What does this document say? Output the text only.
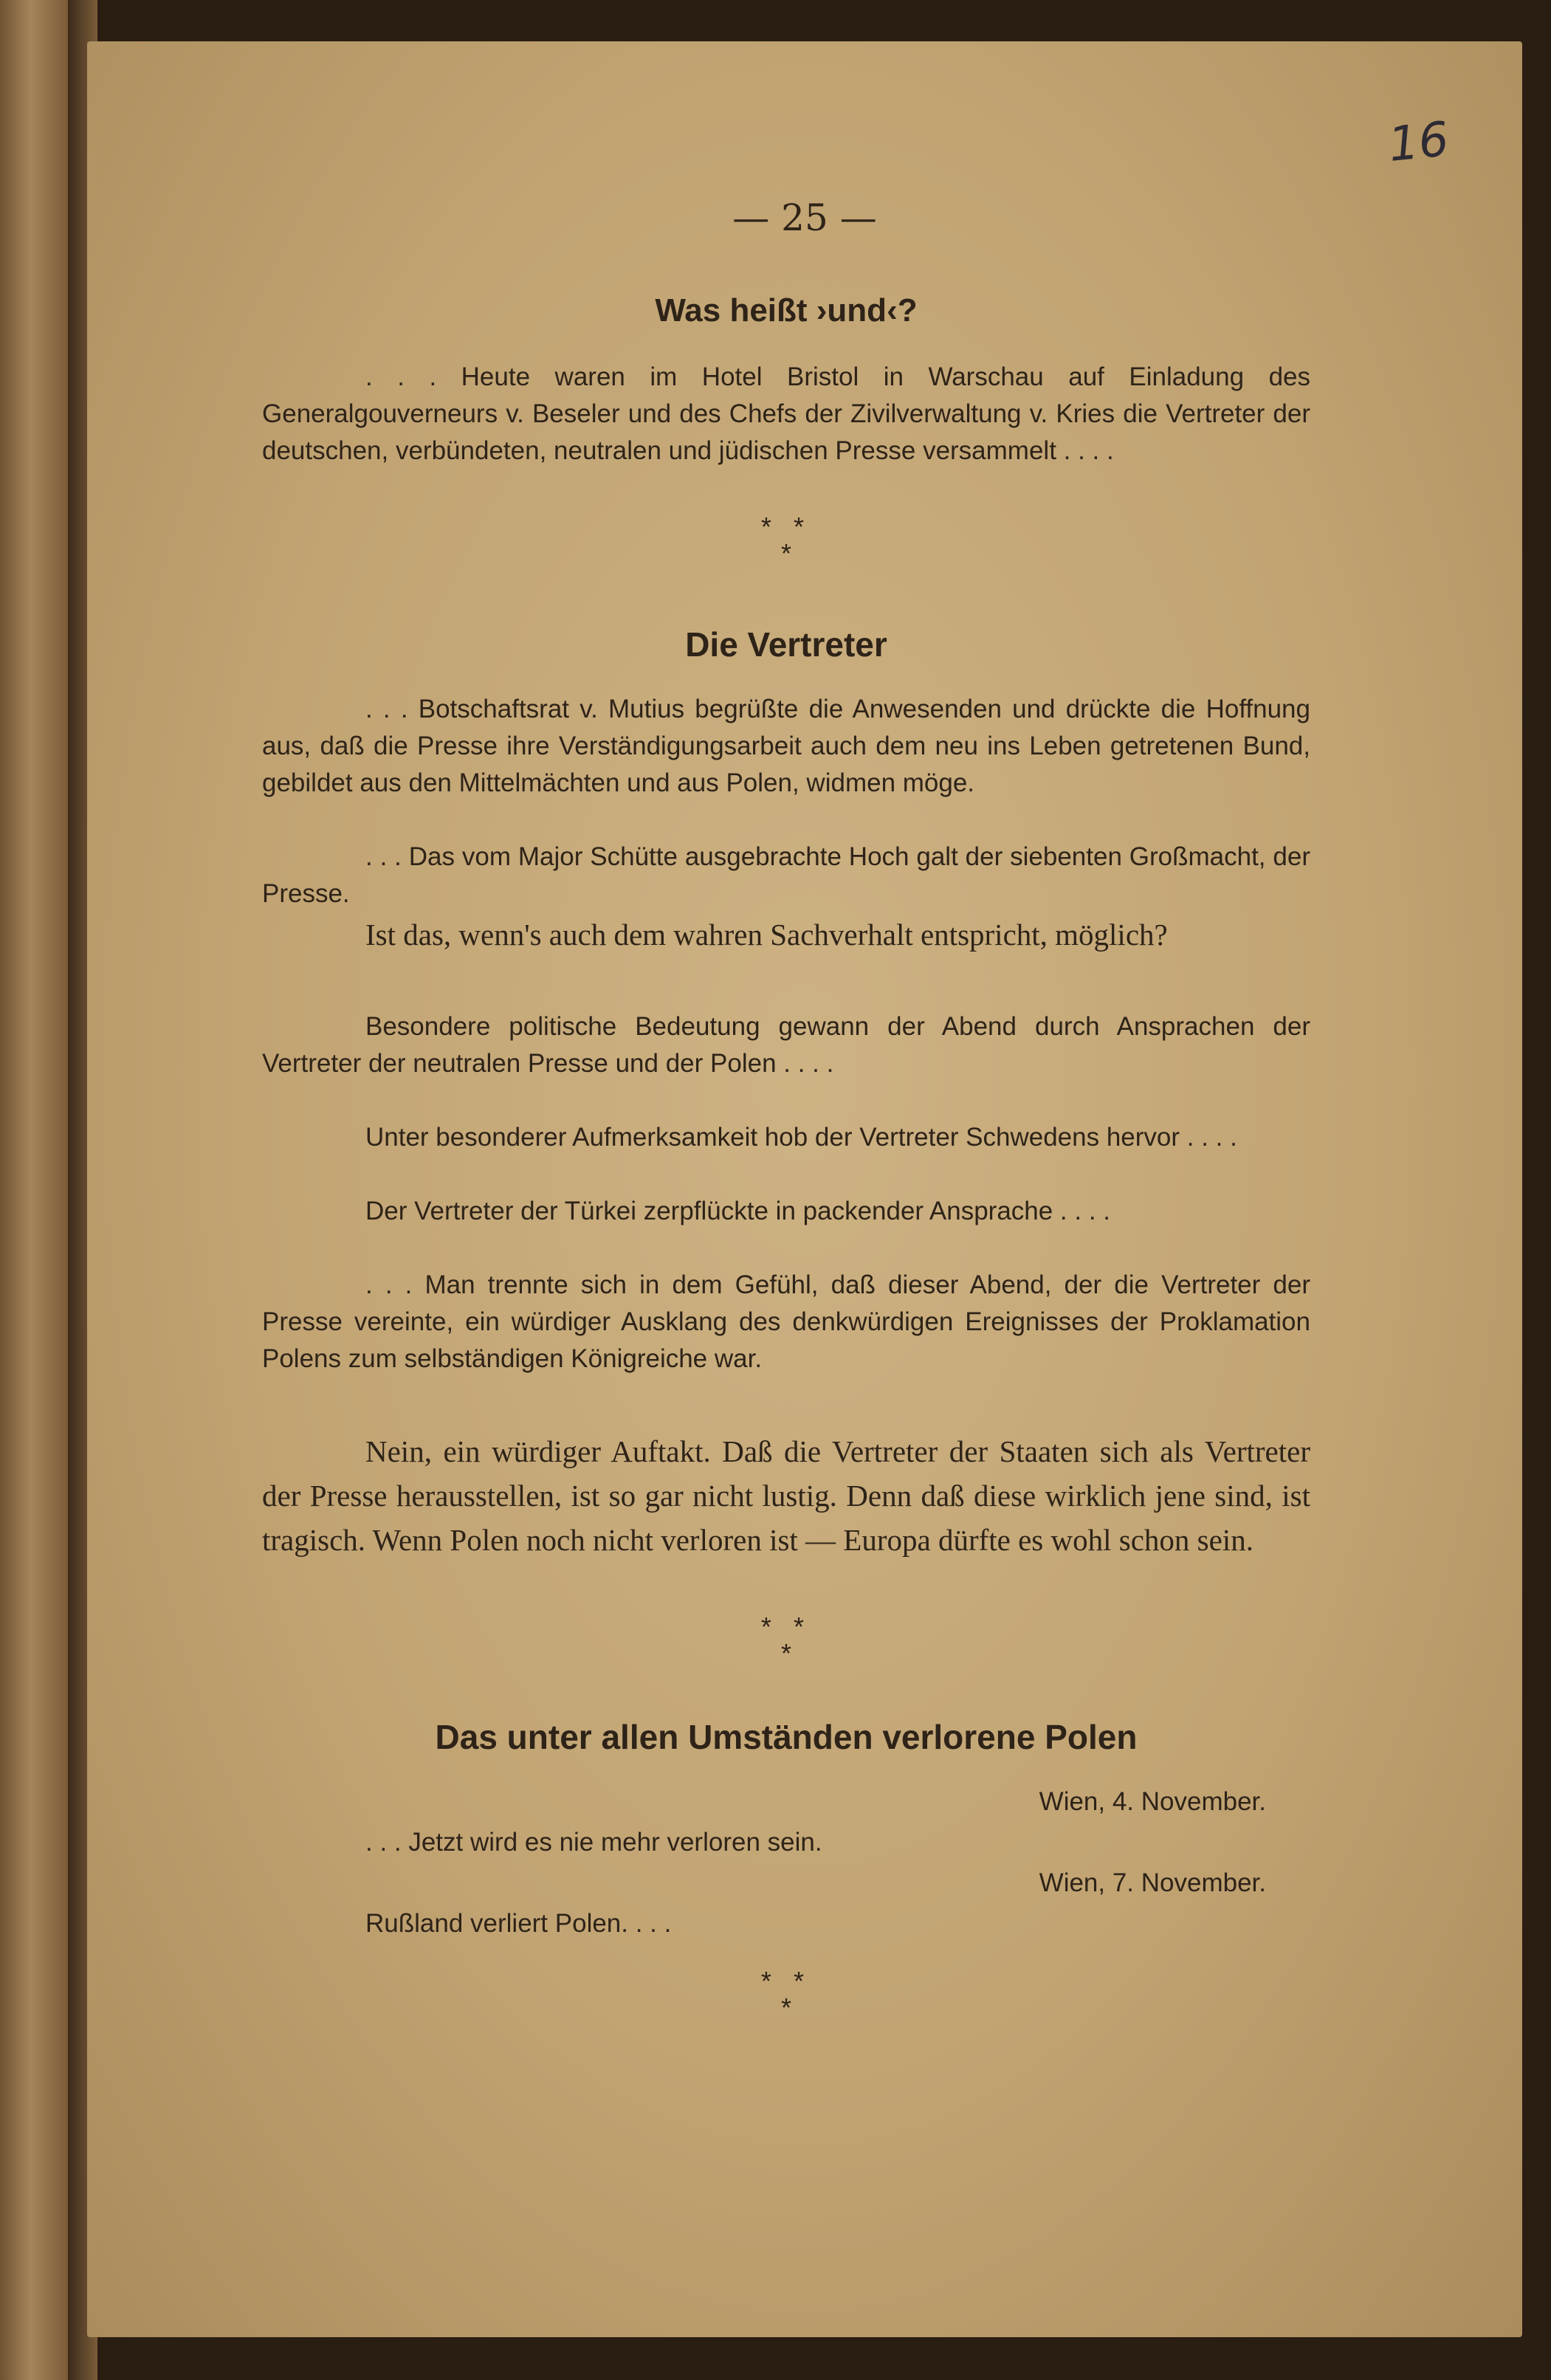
16
— 25 —
Was heißt ›und‹?

. . . Heute waren im Hotel Bristol in Warschau auf Einladung des Generalgouverneurs v. Beseler und des Chefs der Zivilverwaltung v. Kries die Vertreter der deutschen, verbündeten, neutralen und jüdischen Presse versammelt . . . .

* *
*
Die Vertreter

. . . Botschaftsrat v. Mutius begrüßte die Anwesenden und drückte die Hoffnung aus, daß die Presse ihre Verständigungsarbeit auch dem neu ins Leben getretenen Bund, gebildet aus den Mittelmächten und aus Polen, widmen möge.

. . . Das vom Major Schütte ausgebrachte Hoch galt der siebenten Großmacht, der Presse.

Ist das, wenn's auch dem wahren Sachverhalt entspricht, möglich?

Besondere politische Bedeutung gewann der Abend durch Ansprachen der Vertreter der neutralen Presse und der Polen . . . .

Unter besonderer Aufmerksamkeit hob der Vertreter Schwedens hervor . . . .

Der Vertreter der Türkei zerpflückte in packender Ansprache . . . .

. . . Man trennte sich in dem Gefühl, daß dieser Abend, der die Vertreter der Presse vereinte, ein würdiger Ausklang des denkwürdigen Ereignisses der Proklamation Polens zum selbständigen Königreiche war.

Nein, ein würdiger Auftakt. Daß die Vertreter der Staaten sich als Vertreter der Presse herausstellen, ist so gar nicht lustig. Denn daß diese wirklich jene sind, ist tragisch. Wenn Polen noch nicht verloren ist — Europa dürfte es wohl schon sein.

* *
*
Das unter allen Umständen verlorene Polen
Wien, 4. November.
. . . Jetzt wird es nie mehr verloren sein.
Wien, 7. November.
Rußland verliert Polen. . . .
* *
*
